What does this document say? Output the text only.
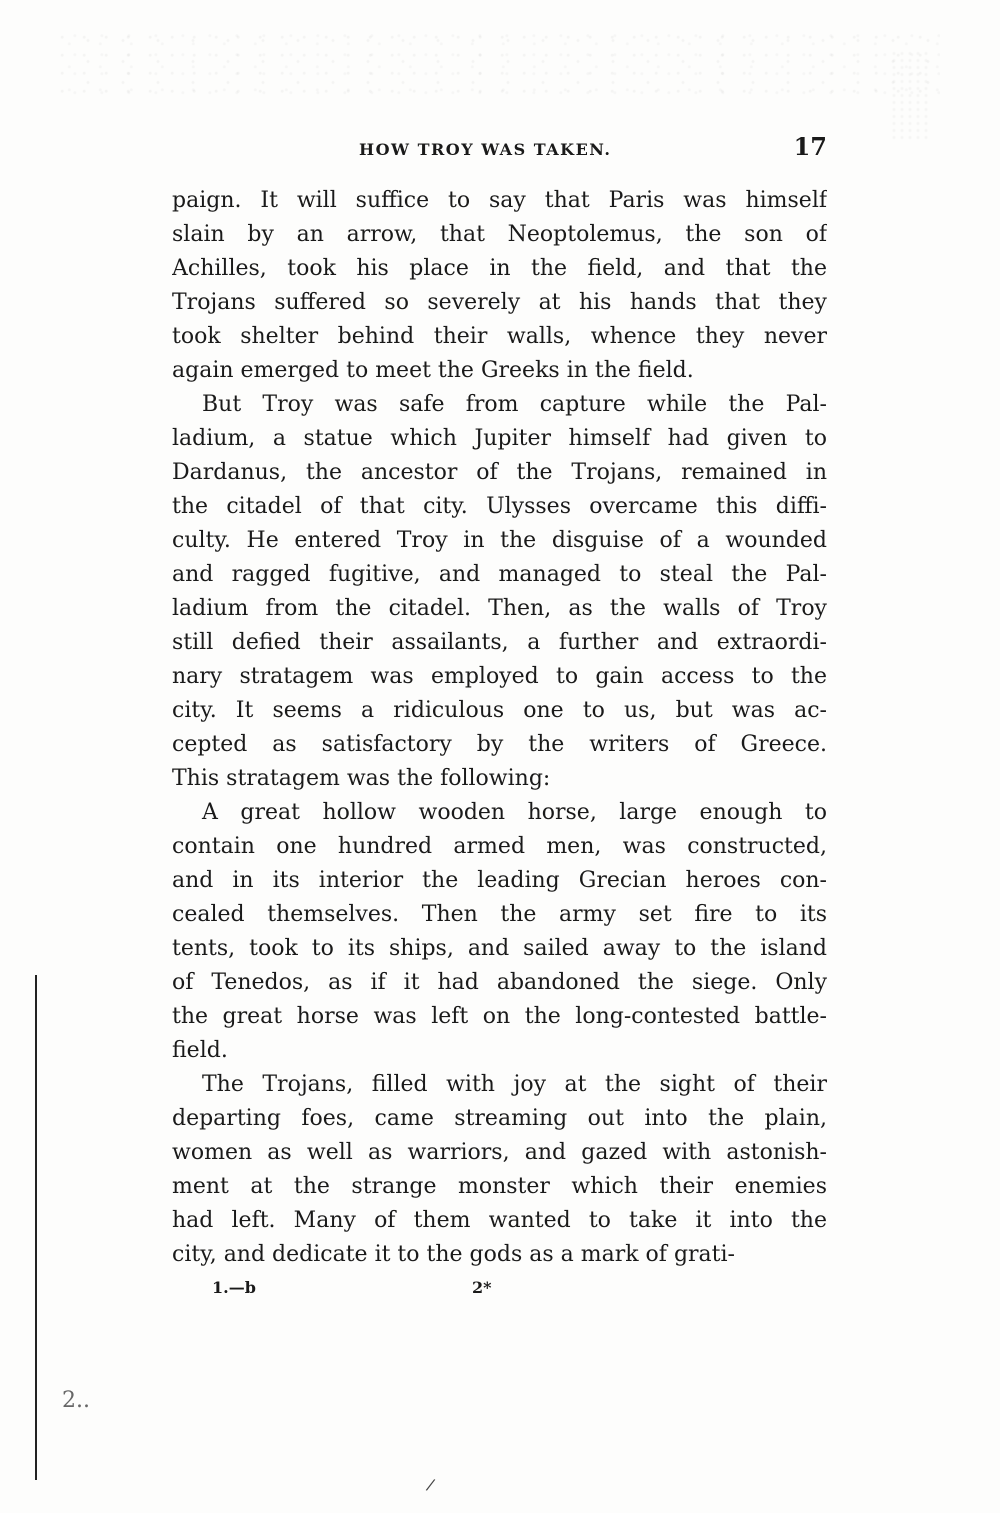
2..
/
HOW TROY WAS TAKEN.	17
paign. It will suffice to say that Paris was himself
slain by an arrow, that Neoptolemus, the son of
Achilles, took his place in the field, and that the
Trojans suffered so severely at his hands that they
took shelter behind their walls, whence they never
again emerged to meet the Greeks in the field.
But Troy was safe from capture while the Pal-
ladium, a statue which Jupiter himself had given to
Dardanus, the ancestor of the Trojans, remained in
the citadel of that city. Ulysses overcame this diffi-
culty. He entered Troy in the disguise of a wounded
and ragged fugitive, and managed to steal the Pal-
ladium from the citadel. Then, as the walls of Troy
still defied their assailants, a further and extraordi-
nary stratagem was employed to gain access to the
city. It seems a ridiculous one to us, but was ac-
cepted as satisfactory by the writers of Greece.
This stratagem was the following:
A great hollow wooden horse, large enough to
contain one hundred armed men, was constructed,
and in its interior the leading Grecian heroes con-
cealed themselves. Then the army set fire to its
tents, took to its ships, and sailed away to the island
of Tenedos, as if it had abandoned the siege. Only
the great horse was left on the long-contested battle-
field.
The Trojans, filled with joy at the sight of their
departing foes, came streaming out into the plain,
women as well as warriors, and gazed with astonish-
ment at the strange monster which their enemies
had left. Many of them wanted to take it into the
city, and dedicate it to the gods as a mark of grati-
1.—b	2*
